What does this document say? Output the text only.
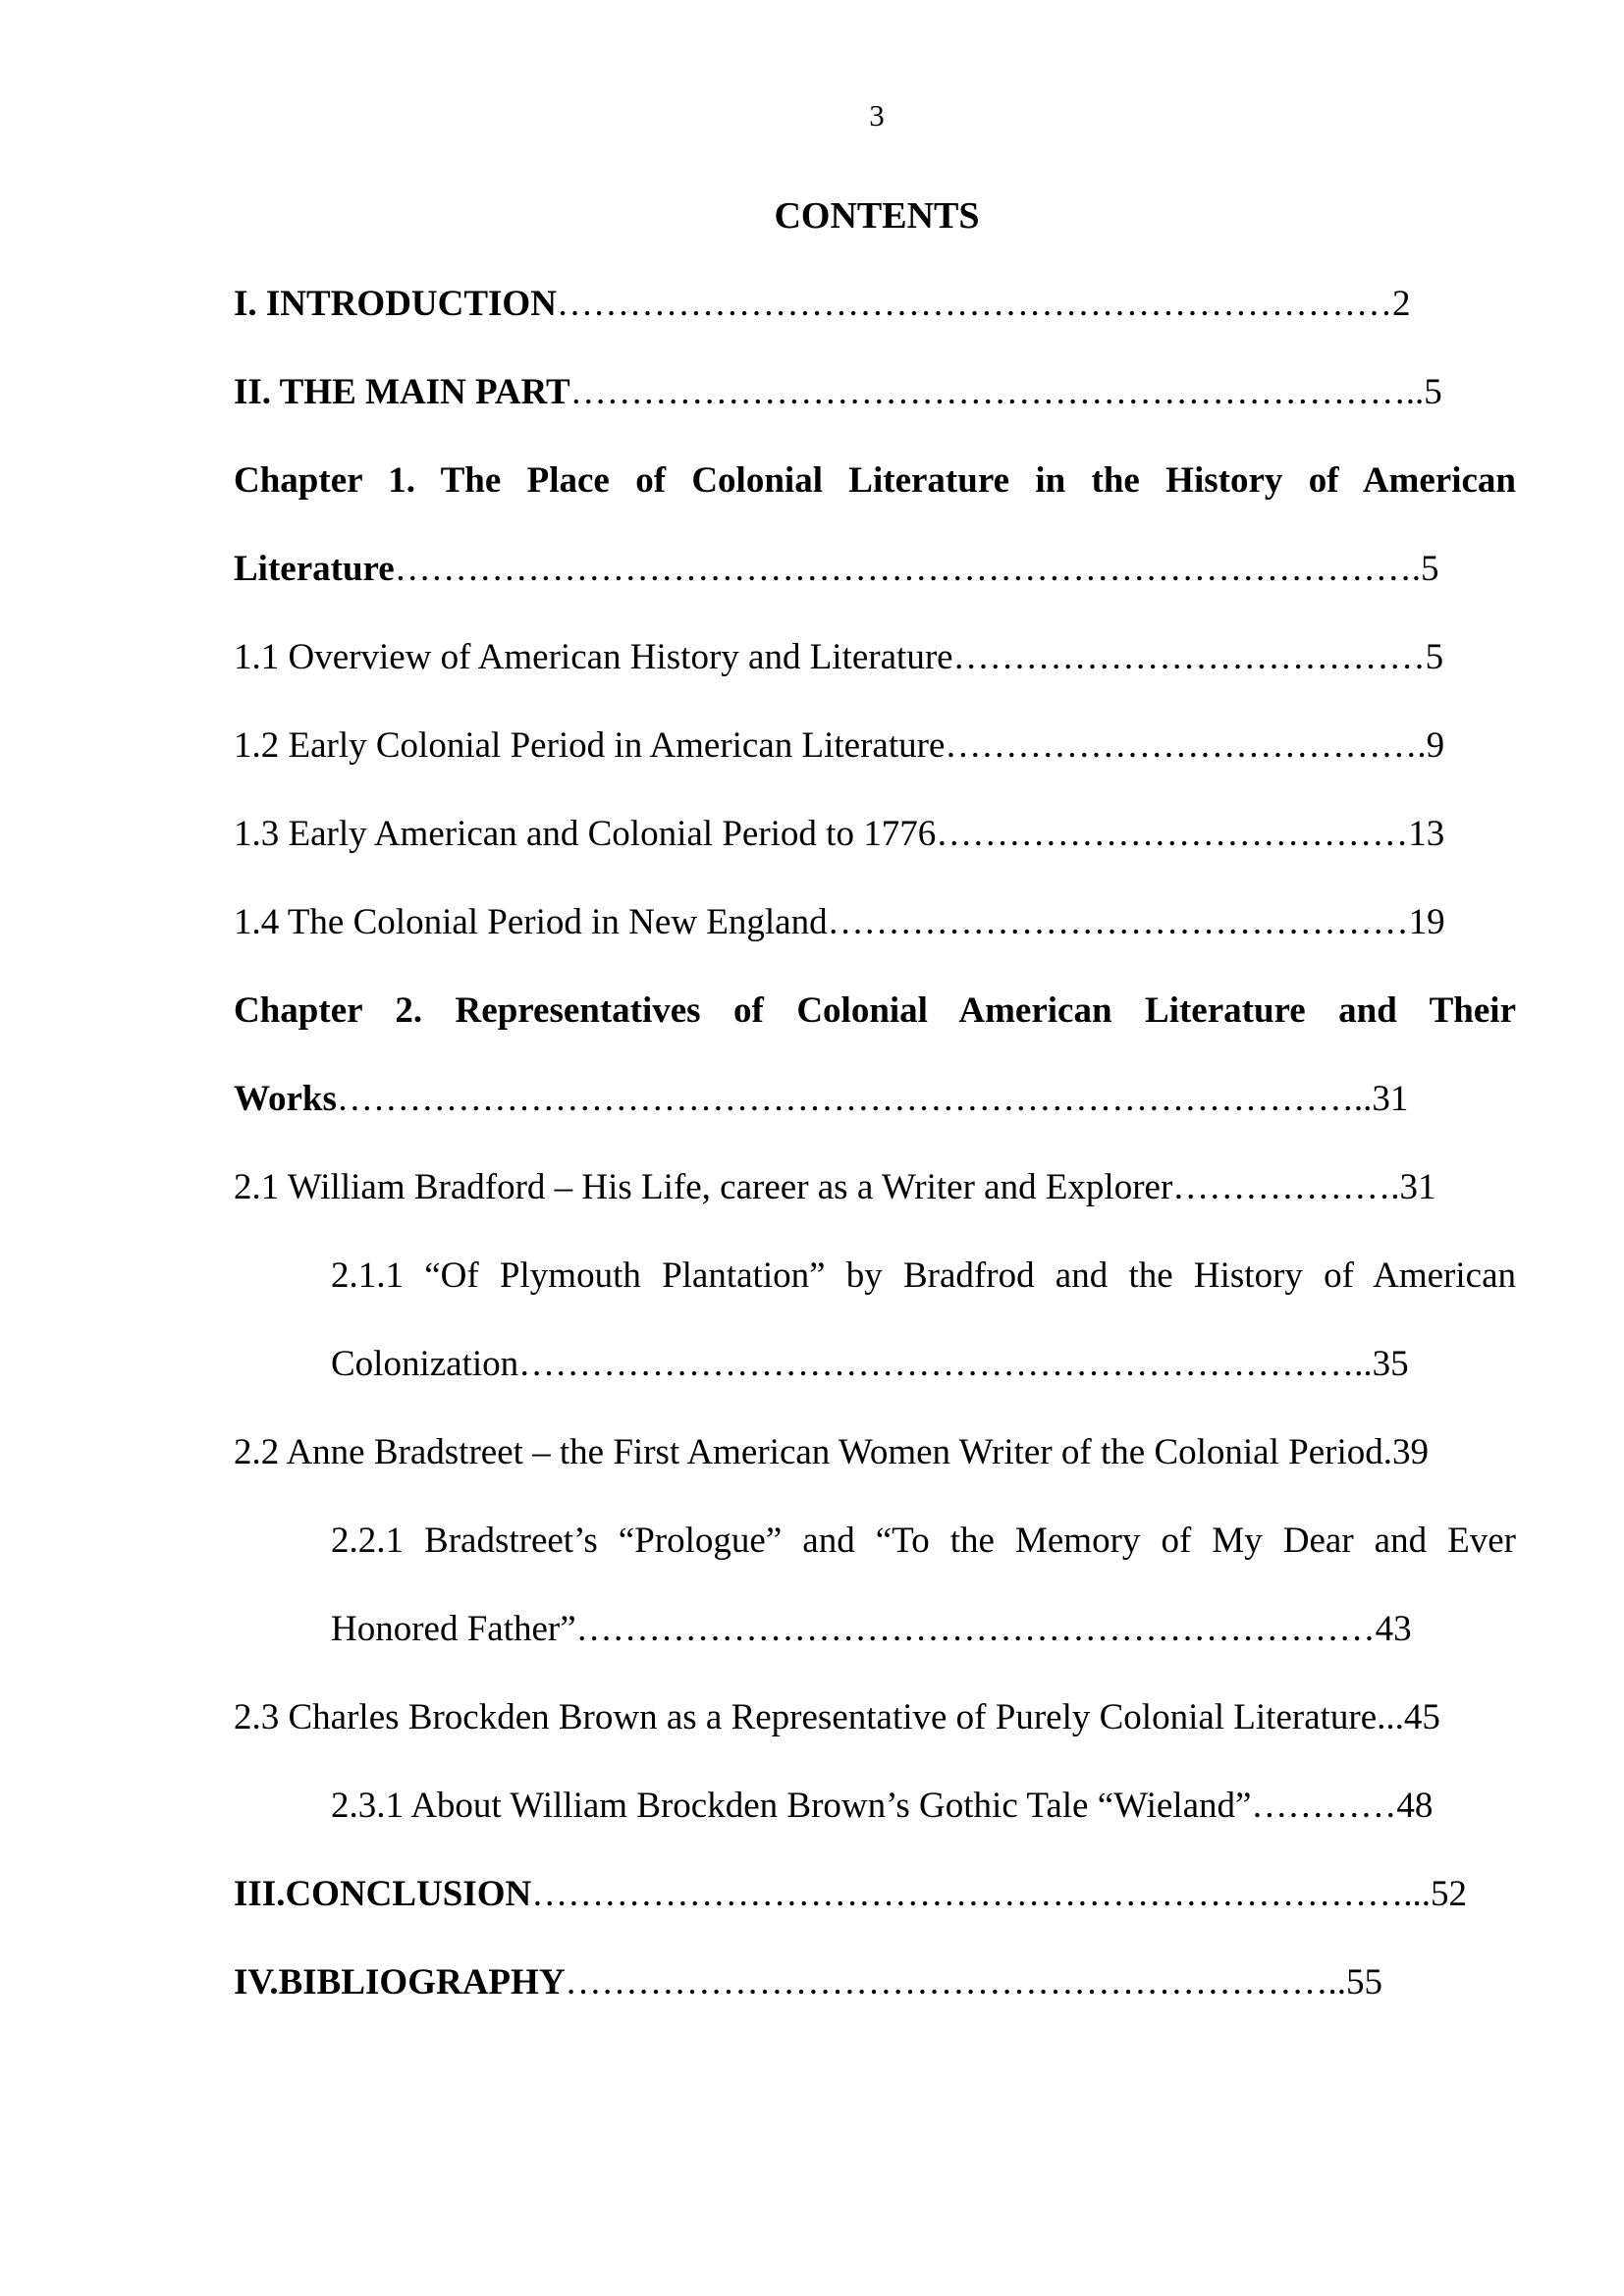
3
CONTENTS
I. INTRODUCTION……………………………………………………………2
II. THE MAIN PART……………………………………………………………..5
Chapter 1. The Place of Colonial Literature in the History of American
Literature………………………………………………………………………….5
1.1 Overview of American History and Literature…………………………………5
1.2 Early Colonial Period in American Literature………………………………….9
1.3 Early American and Colonial Period to 1776…………………………………13
1.4 The Colonial Period in New England…………………………………………19
Chapter 2. Representatives of Colonial American Literature and Their
Works…………………………………………………………………………..31
2.1 William Bradford – His Life, career as a Writer and Explorer……………….31
2.1.1 “Of Plymouth Plantation” by Bradfrod and the History of American
Colonization……………………………………………………………..35
2.2 Anne Bradstreet – the First American Women Writer of the Colonial Period.39
2.2.1 Bradstreet’s “Prologue” and “To the Memory of My Dear and Ever
Honored Father”…………………………………………………………43
2.3 Charles Brockden Brown as a Representative of Purely Colonial Literature...45
2.3.1 About William Brockden Brown’s Gothic Tale “Wieland”…………48
III.CONCLUSION………………………………………………………………...52
IV.BIBLIOGRAPHY………………………………………………………..55
